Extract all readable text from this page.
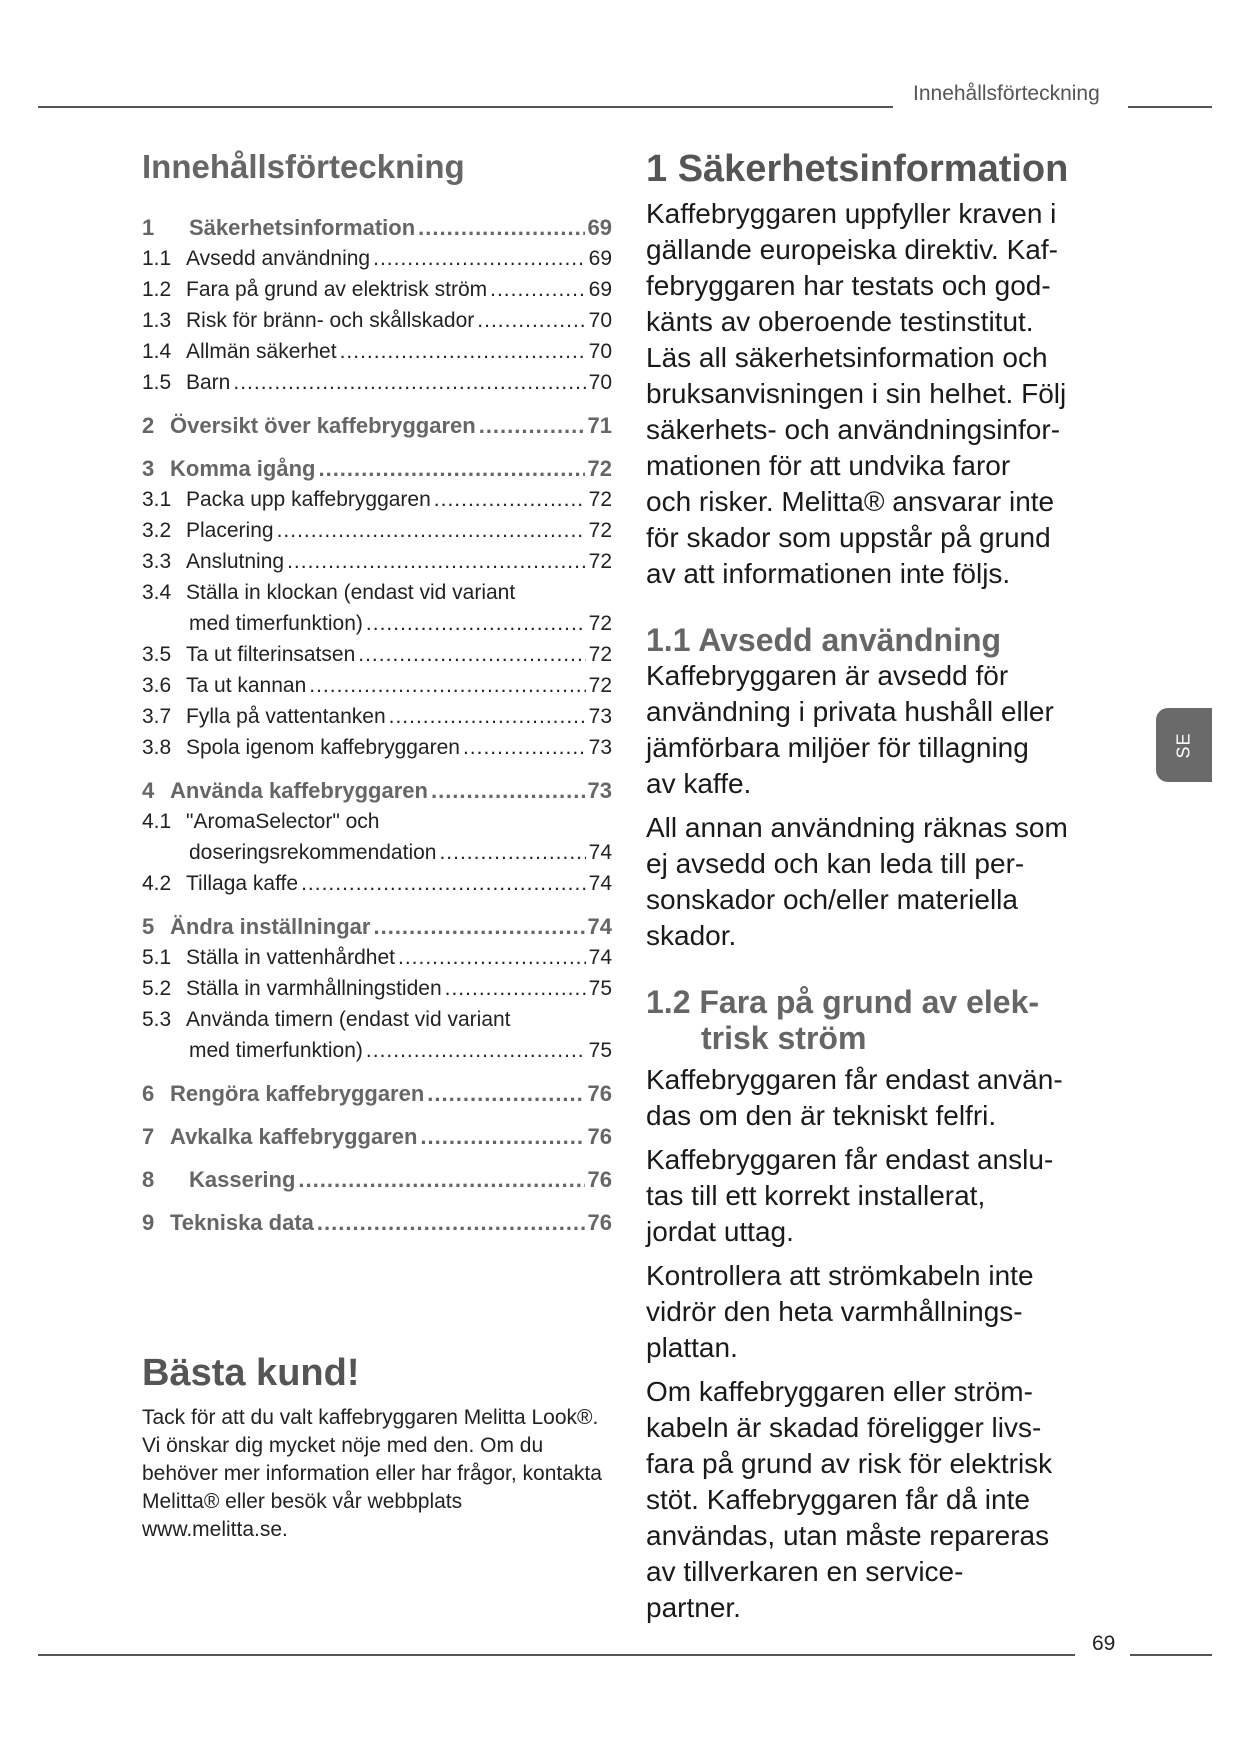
Innehållsförteckning
69
SE
Innehållsförteckning
1	Säkerhetsinformation .....	69
1.1 Avsedd användning .....	69
1.2 Fara på grund av elektrisk ström .....	69
1.3 Risk för bränn- och skållskador .....	70
1.4 Allmän säkerhet .....	70
1.5 Barn .....	70
2 Översikt över kaffebryggaren .....	71
3 Komma igång .....	72
3.1 Packa upp kaffebryggaren .....	72
3.2 Placering .....	72
3.3 Anslutning .....	72
3.4 Ställa in klockan (endast vid variant
med timerfunktion) .....	72
3.5 Ta ut filterinsatsen .....	72
3.6 Ta ut kannan .....	72
3.7 Fylla på vattentanken .....	73
3.8 Spola igenom kaffebryggaren .....	73
4 Använda kaffebryggaren .....	73
4.1 "AromaSelector" och
doseringsrekommendation .....	74
4.2 Tillaga kaffe .....	74
5 Ändra inställningar .....	74
5.1 Ställa in vattenhårdhet .....	74
5.2 Ställa in varmhållningstiden .....	75
5.3 Använda timern (endast vid variant
med timerfunktion) .....	75
6 Rengöra kaffebryggaren .....	76
7 Avkalka kaffebryggaren .....	76
8	Kassering .....	76
9 Tekniska data .....	76
Bästa kund!
Tack för att du valt kaffebryggaren Melitta Look®. Vi önskar dig mycket nöje med den. Om du behöver mer information eller har frågor, kontakta Melitta® eller besök vår webbplats www.melitta.se.
1 Säkerhetsinformation

Kaffebryggaren uppfyller kraven i
gällande europeiska direktiv. Kaf-
febryggaren har testats och god-
känts av oberoende testinstitut.
Läs all säkerhetsinformation och
bruksanvisningen i sin helhet. Följ
säkerhets- och användningsinfor-
mationen för att undvika faror
och risker. Melitta® ansvarar inte
för skador som uppstår på grund
av att informationen inte följs.

1.1 Avsedd användning

Kaffebryggaren är avsedd för
användning i privata hushåll eller
jämförbara miljöer för tillagning
av kaffe.

All annan användning räknas som
ej avsedd och kan leda till per-
sonskador och/eller materiella
skador.

1.2 Fara på grund av elek-
trisk ström

Kaffebryggaren får endast använ-
das om den är tekniskt felfri.

Kaffebryggaren får endast anslu-
tas till ett korrekt installerat,
jordat uttag.

Kontrollera att strömkabeln inte
vidrör den heta varmhållnings-
plattan.

Om kaffebryggaren eller ström-
kabeln är skadad föreligger livs-
fara på grund av risk för elektrisk
stöt. Kaffebryggaren får då inte
användas, utan måste repareras
av tillverkaren en service-
partner.
